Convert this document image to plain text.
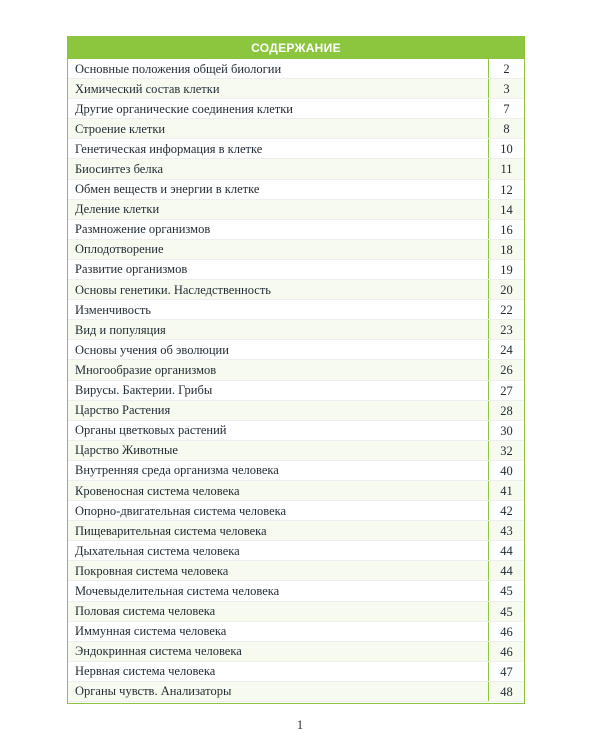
СОДЕРЖАНИЕ
Основные положения общей биологии	2
Химический состав клетки	3
Другие органические соединения клетки	7
Строение клетки	8
Генетическая информация в клетке	10
Биосинтез белка	11
Обмен веществ и энергии в клетке	12
Деление клетки	14
Размножение организмов	16
Оплодотворение	18
Развитие организмов	19
Основы генетики. Наследственность	20
Изменчивость	22
Вид и популяция	23
Основы учения об эволюции	24
Многообразие организмов	26
Вирусы. Бактерии. Грибы	27
Царство Растения	28
Органы цветковых растений	30
Царство Животные	32
Внутренняя среда организма человека	40
Кровеносная система человека	41
Опорно-двигательная система человека	42
Пищеварительная система человека	43
Дыхательная система человека	44
Покровная система человека	44
Мочевыделительная система человека	45
Половая система человека	45
Иммунная система человека	46
Эндокринная система человека	46
Нервная система человека	47
Органы чувств. Анализаторы	48
1
